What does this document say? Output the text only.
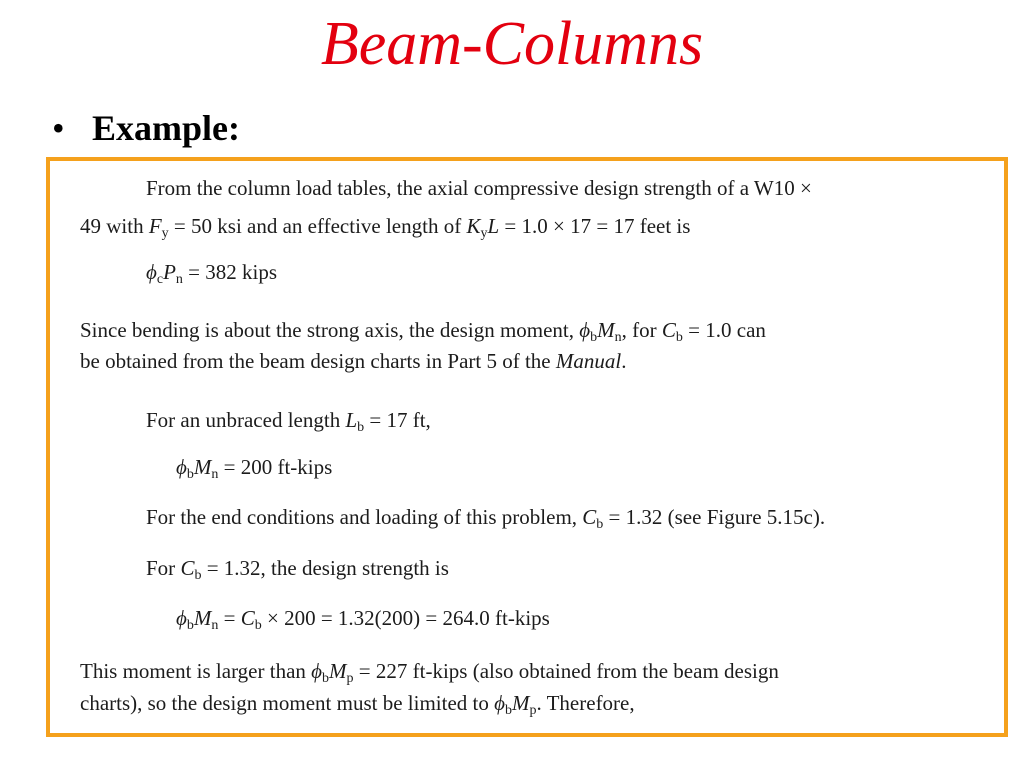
Beam-Columns
• Example:
From the column load tables, the axial compressive design strength of a W10 ×
49 with $F_y = 50$ ksi and an effective length of $K_yL = 1.0 \times 17 = 17$ feet is
$\phi_cP_n = 382$ kips
Since bending is about the strong axis, the design moment, $\phi_bM_n$, for $C_b = 1.0$ can
be obtained from the beam design charts in Part 5 of the Manual.
For an unbraced length $L_b = 17$ ft,
$\phi_bM_n = 200$ ft-kips
For the end conditions and loading of this problem, $C_b = 1.32$ (see Figure 5.15c).
For $C_b = 1.32$, the design strength is
$\phi_bM_n = C_b \times 200 = 1.32(200) = 264.0$ ft-kips
This moment is larger than $\phi_bM_p = 227$ ft-kips (also obtained from the beam design
charts), so the design moment must be limited to $\phi_bM_p$. Therefore,
